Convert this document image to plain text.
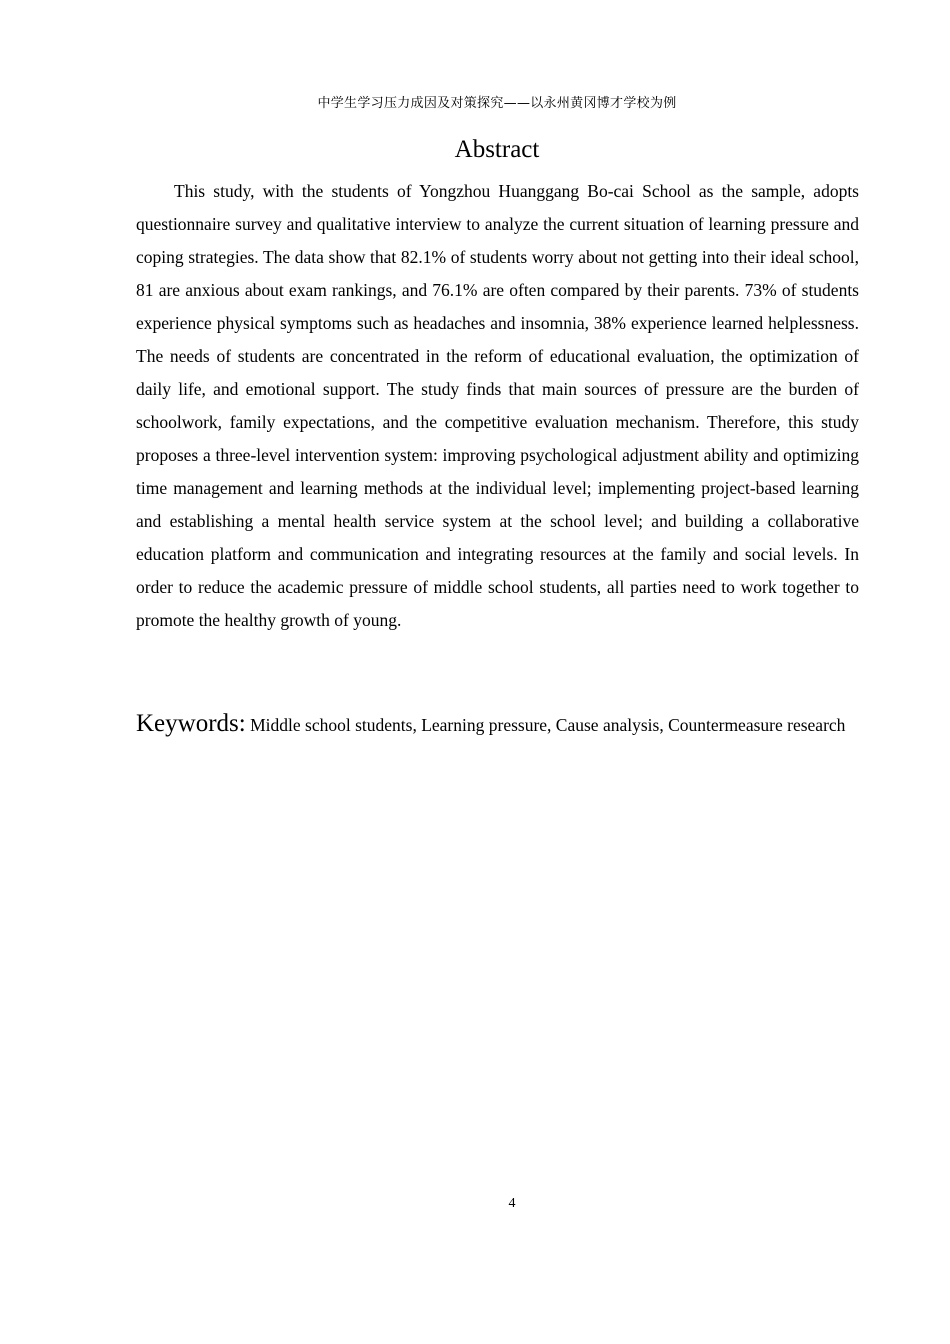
中学生学习压力成因及对策探究——以永州黄冈博才学校为例
Abstract

This study, with the students of Yongzhou Huanggang Bo-cai School as the sample, adopts questionnaire survey and qualitative interview to analyze the current situation of learning pressure and coping strategies. The data show that 82.1% of students worry about not getting into their ideal school, 81 are anxious about exam rankings, and 76.1% are often compared by their parents. 73% of students experience physical symptoms such as headaches and insomnia, 38% experience learned helplessness. The needs of students are concentrated in the reform of educational evaluation, the optimization of daily life, and emotional support. The study finds that main sources of pressure are the burden of schoolwork, family expectations, and the competitive evaluation mechanism. Therefore, this study proposes a three-level intervention system: improving psychological adjustment ability and optimizing time management and learning methods at the individual level; implementing project-based learning and establishing a mental health service system at the school level; and building a collaborative education platform and communication and integrating resources at the family and social levels. In order to reduce the academic pressure of middle school students, all parties need to work together to promote the healthy growth of young.

Keywords: Middle school students, Learning pressure, Cause analysis, Countermeasure research

4
